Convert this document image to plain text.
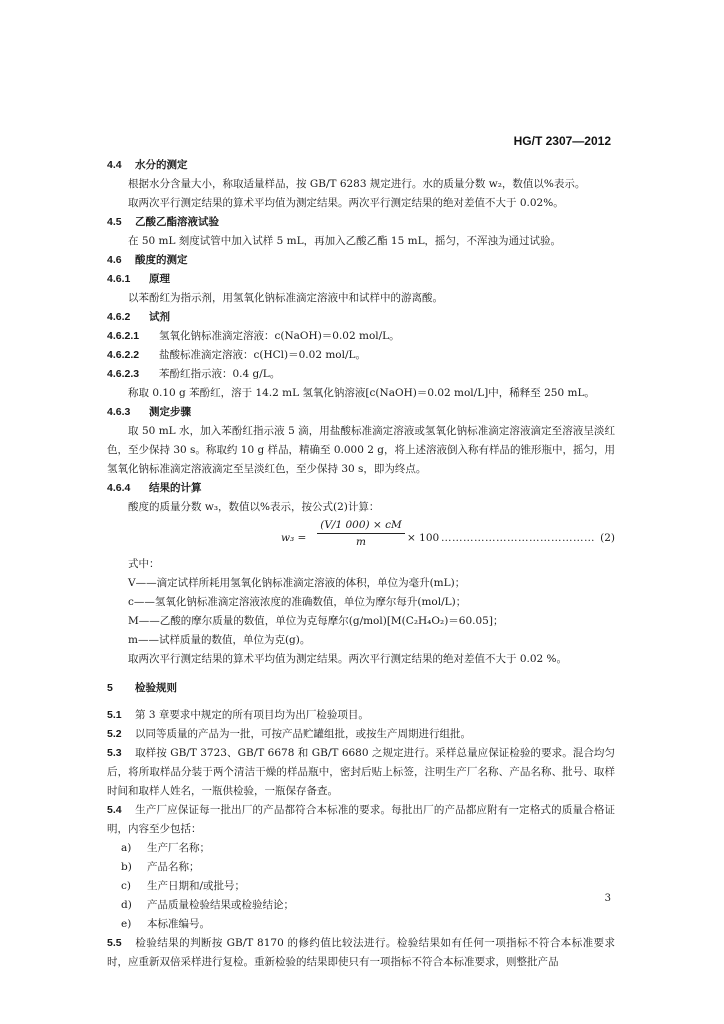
HG/T 2307—2012
4.4 水分的测定
根据水分含量大小，称取适量样品，按 GB/T 6283 规定进行。水的质量分数 w₂，数值以%表示。
取两次平行测定结果的算术平均值为测定结果。两次平行测定结果的绝对差值不大于 0.02%。
4.5 乙酸乙酯溶液试验
在 50 mL 刻度试管中加入试样 5 mL，再加入乙酸乙酯 15 mL，摇匀，不浑浊为通过试验。
4.6 酸度的测定
4.6.1 原理
以苯酚红为指示剂，用氢氧化钠标准滴定溶液中和试样中的游离酸。
4.6.2 试剂
4.6.2.1 氢氧化钠标准滴定溶液：c(NaOH)＝0.02 mol/L。
4.6.2.2 盐酸标准滴定溶液：c(HCl)＝0.02 mol/L。
4.6.2.3 苯酚红指示液：0.4 g/L。
称取 0.10 g 苯酚红，溶于 14.2 mL 氢氧化钠溶液[c(NaOH)＝0.02 mol/L]中，稀释至 250 mL。
4.6.3 测定步骤
取 50 mL 水，加入苯酚红指示液 5 滴，用盐酸标准滴定溶液或氢氧化钠标准滴定溶液滴定至溶液呈淡红色，至少保持 30 s。称取约 10 g 样品，精确至 0.000 2 g，将上述溶液倒入称有样品的锥形瓶中，摇匀，用氢氧化钠标准滴定溶液滴定至呈淡红色，至少保持 30 s，即为终点。
4.6.4 结果的计算
酸度的质量分数 w₃，数值以%表示，按公式(2)计算：
$w_3 = \frac{(V/1 000) \times cM}{m} \times 100$ …………………………………… (2)
式中：
V——滴定试样所耗用氢氧化钠标准滴定溶液的体积，单位为毫升(mL)；
c——氢氧化钠标准滴定溶液浓度的准确数值，单位为摩尔每升(mol/L)；
M——乙酸的摩尔质量的数值，单位为克每摩尔(g/mol)[M(C₂H₄O₂)＝60.05]；
m——试样质量的数值，单位为克(g)。
取两次平行测定结果的算术平均值为测定结果。两次平行测定结果的绝对差值不大于 0.02 %。
5 检验规则
5.1 第 3 章要求中规定的所有项目均为出厂检验项目。
5.2 以同等质量的产品为一批，可按产品贮罐组批，或按生产周期进行组批。
5.3 取样按 GB/T 3723、GB/T 6678 和 GB/T 6680 之规定进行。采样总量应保证检验的要求。混合均匀后，将所取样品分装于两个清洁干燥的样品瓶中，密封后贴上标签，注明生产厂名称、产品名称、批号、取样时间和取样人姓名，一瓶供检验，一瓶保存备查。
5.4 生产厂应保证每一批出厂的产品都符合本标准的要求。每批出厂的产品都应附有一定格式的质量合格证明，内容至少包括：
a) 生产厂名称；
b) 产品名称；
c) 生产日期和/或批号；
d) 产品质量检验结果或检验结论；
e) 本标准编号。
5.5 检验结果的判断按 GB/T 8170 的修约值比较法进行。检验结果如有任何一项指标不符合本标准要求时，应重新双倍采样进行复检。重新检验的结果即使只有一项指标不符合本标准要求，则整批产品
3
